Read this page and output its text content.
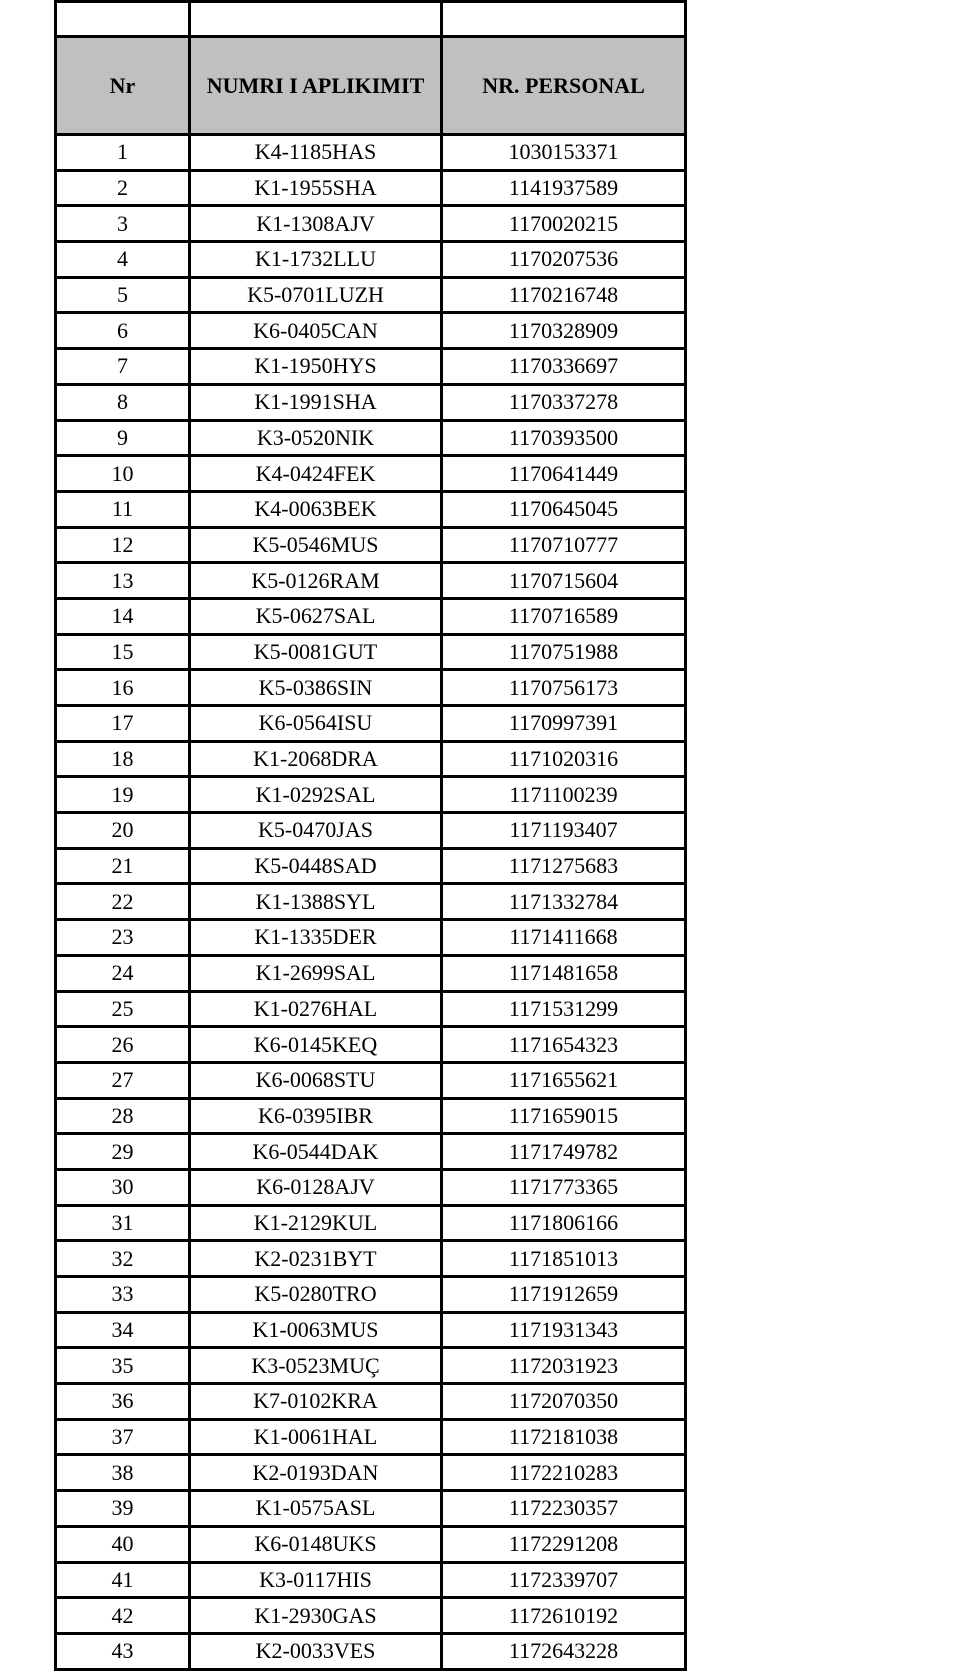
Nr	NUMRI I APLIKIMIT	NR. PERSONAL
1	K4-1185HAS	1030153371
2	K1-1955SHA	1141937589
3	K1-1308AJV	1170020215
4	K1-1732LLU	1170207536
5	K5-0701LUZH	1170216748
6	K6-0405CAN	1170328909
7	K1-1950HYS	1170336697
8	K1-1991SHA	1170337278
9	K3-0520NIK	1170393500
10	K4-0424FEK	1170641449
11	K4-0063BEK	1170645045
12	K5-0546MUS	1170710777
13	K5-0126RAM	1170715604
14	K5-0627SAL	1170716589
15	K5-0081GUT	1170751988
16	K5-0386SIN	1170756173
17	K6-0564ISU	1170997391
18	K1-2068DRA	1171020316
19	K1-0292SAL	1171100239
20	K5-0470JAS	1171193407
21	K5-0448SAD	1171275683
22	K1-1388SYL	1171332784
23	K1-1335DER	1171411668
24	K1-2699SAL	1171481658
25	K1-0276HAL	1171531299
26	K6-0145KEQ	1171654323
27	K6-0068STU	1171655621
28	K6-0395IBR	1171659015
29	K6-0544DAK	1171749782
30	K6-0128AJV	1171773365
31	K1-2129KUL	1171806166
32	K2-0231BYT	1171851013
33	K5-0280TRO	1171912659
34	K1-0063MUS	1171931343
35	K3-0523MUÇ	1172031923
36	K7-0102KRA	1172070350
37	K1-0061HAL	1172181038
38	K2-0193DAN	1172210283
39	K1-0575ASL	1172230357
40	K6-0148UKS	1172291208
41	K3-0117HIS	1172339707
42	K1-2930GAS	1172610192
43	K2-0033VES	1172643228
